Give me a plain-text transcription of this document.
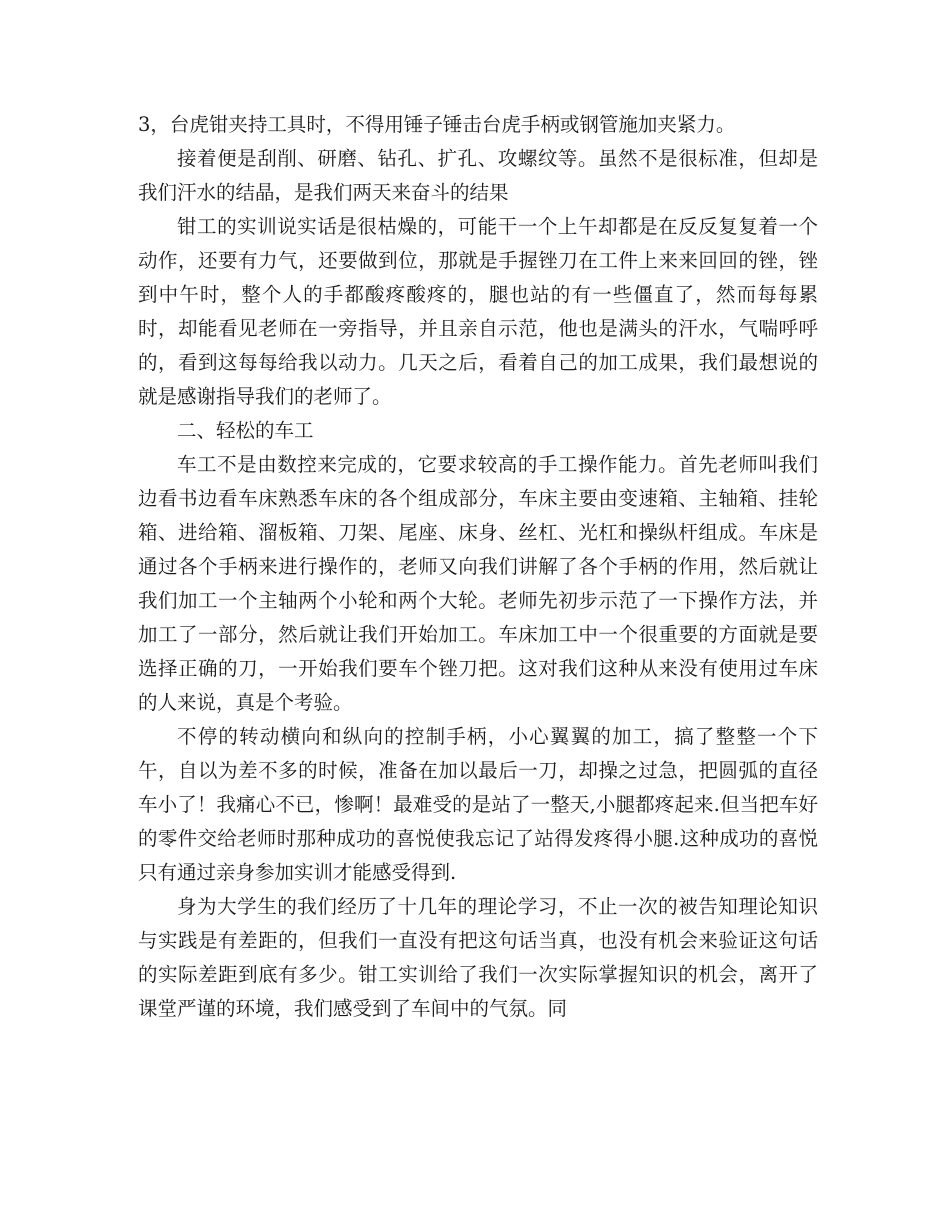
3，台虎钳夹持工具时，不得用锤子锤击台虎手柄或钢管施加夹紧力。

接着便是刮削、研磨、钻孔、扩孔、攻螺纹等。虽然不是很标准，但却是我们汗水的结晶，是我们两天来奋斗的结果

钳工的实训说实话是很枯燥的，可能干一个上午却都是在反反复复着一个动作，还要有力气，还要做到位，那就是手握锉刀在工件上来来回回的锉，锉到中午时，整个人的手都酸疼酸疼的，腿也站的有一些僵直了，然而每每累时，却能看见老师在一旁指导，并且亲自示范，他也是满头的汗水，气喘呼呼的，看到这每每给我以动力。几天之后，看着自己的加工成果，我们最想说的就是感谢指导我们的老师了。

二、轻松的车工

车工不是由数控来完成的，它要求较高的手工操作能力。首先老师叫我们边看书边看车床熟悉车床的各个组成部分，车床主要由变速箱、主轴箱、挂轮箱、进给箱、溜板箱、刀架、尾座、床身、丝杠、光杠和操纵杆组成。车床是通过各个手柄来进行操作的，老师又向我们讲解了各个手柄的作用，然后就让我们加工一个主轴两个小轮和两个大轮。老师先初步示范了一下操作方法，并加工了一部分，然后就让我们开始加工。车床加工中一个很重要的方面就是要选择正确的刀，一开始我们要车个锉刀把。这对我们这种从来没有使用过车床的人来说，真是个考验。

不停的转动横向和纵向的控制手柄，小心翼翼的加工，搞了整整一个下午，自以为差不多的时候，准备在加以最后一刀，却操之过急，把圆弧的直径车小了！我痛心不已，惨啊！最难受的是站了一整天,小腿都疼起来.但当把车好的零件交给老师时那种成功的喜悦使我忘记了站得发疼得小腿.这种成功的喜悦只有通过亲身参加实训才能感受得到.

身为大学生的我们经历了十几年的理论学习，不止一次的被告知理论知识与实践是有差距的，但我们一直没有把这句话当真，也没有机会来验证这句话的实际差距到底有多少。钳工实训给了我们一次实际掌握知识的机会，离开了课堂严谨的环境，我们感受到了车间中的气氛。同
